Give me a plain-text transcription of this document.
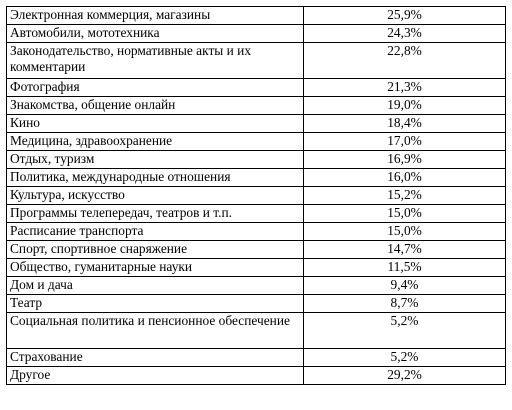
Электронная коммерция, магазины	25,9%
Автомобили, мототехника	24,3%
Законодательство, нормативные акты и их комментарии	22,8%
Фотография	21,3%
Знакомства, общение онлайн	19,0%
Кино	18,4%
Медицина, здравоохранение	17,0%
Отдых, туризм	16,9%
Политика, международные отношения	16,0%
Культура, искусство	15,2%
Программы телепередач, театров и т.п.	15,0%
Расписание транспорта	15,0%
Спорт, спортивное снаряжение	14,7%
Общество, гуманитарные науки	11,5%
Дом и дача	9,4%
Театр	8,7%
Социальная политика и пенсионное обеспечение	5,2%
Страхование	5,2%
Другое	29,2%
